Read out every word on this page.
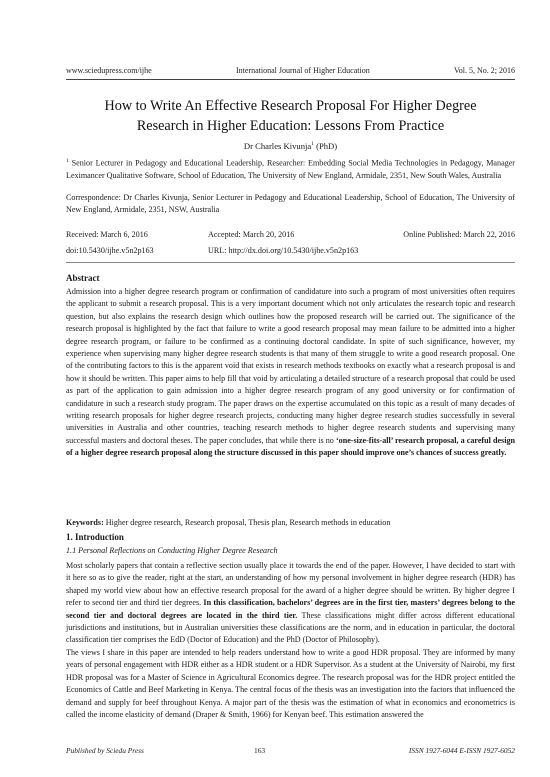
www.sciedupress.com/ijhe	International Journal of Higher Education	Vol. 5, No. 2; 2016
How to Write An Effective Research Proposal For Higher Degree
Research in Higher Education: Lessons From Practice
Dr Charles Kivunja$^1$ (PhD)

$^1$ Senior Lecturer in Pedagogy and Educational Leadership, Researcher: Embedding Social Media Technologies in Pedagogy, Manager Leximancer Qualitative Software, School of Education, The University of New England, Armidale, 2351, New South Wales, Australia

Correspondence: Dr Charles Kivunja, Senior Lecturer in Pedagogy and Educational Leadership, School of Education, The University of New England, Armidale, 2351, NSW, Australia

Received: March 6, 2016	Accepted: March 20, 2016	Online Published: March 22, 2016
doi:10.5430/ijhe.v5n2p163	URL: http://dx.doi.org/10.5430/ijhe.v5n2p163
Abstract

Admission into a higher degree research program or confirmation of candidature into such a program of most universities often requires the applicant to submit a research proposal. This is a very important document which not only articulates the research topic and research question, but also explains the research design which outlines how the proposed research will be carried out. The significance of the research proposal is highlighted by the fact that failure to write a good research proposal may mean failure to be admitted into a higher degree research program, or failure to be confirmed as a continuing doctoral candidate. In spite of such significance, however, my experience when supervising many higher degree research students is that many of them struggle to write a good research proposal. One of the contributing factors to this is the apparent void that exists in research methods textbooks on exactly what a research proposal is and how it should be written. This paper aims to help fill that void by articulating a detailed structure of a research proposal that could be used as part of the application to gain admission into a higher degree research program of any good university or for confirmation of candidature in such a research study program. The paper draws on the expertise accumulated on this topic as a result of many decades of writing research proposals for higher degree research projects, conducting many higher degree research studies successfully in several universities in Australia and other countries, teaching research methods to higher degree research students and supervising many successful masters and doctoral theses. The paper concludes, that while there is no ‘one-size-fits-all’ research proposal, a careful design of a higher degree research proposal along the structure discussed in this paper should improve one’s chances of success greatly.

Keywords: Higher degree research, Research proposal, Thesis plan, Research methods in education

1. Introduction
1.1 Personal Reflections on Conducting Higher Degree Research

Most scholarly papers that contain a reflective section usually place it towards the end of the paper. However, I have decided to start with it here so as to give the reader, right at the start, an understanding of how my personal involvement in higher degree research (HDR) has shaped my world view about how an effective research proposal for the award of a higher degree should be written. By higher degree I refer to second tier and third tier degrees. In this classification, bachelors’ degrees are in the first tier, masters’ degrees belong to the second tier and doctoral degrees are located in the third tier. These classifications might differ across different educational jurisdictions and institutions, but in Australian universities these classifications are the norm, and in education in particular, the doctoral classification tier comprises the EdD (Doctor of Education) and the PhD (Doctor of Philosophy).

The views I share in this paper are intended to help readers understand how to write a good HDR proposal. They are informed by many years of personal engagement with HDR either as a HDR student or a HDR Supervisor. As a student at the University of Nairobi, my first HDR proposal was for a Master of Science in Agricultural Economics degree. The research proposal was for the HDR project entitled the Economics of Cattle and Beef Marketing in Kenya. The central focus of the thesis was an investigation into the factors that influenced the demand and supply for beef throughout Kenya. A major part of the thesis was the estimation of what in economics and econometrics is called the income elasticity of demand (Draper & Smith, 1966) for Kenyan beef. This estimation answered the

Published by Sciedu Press	163	ISSN 1927-6044 E-ISSN 1927-6052
